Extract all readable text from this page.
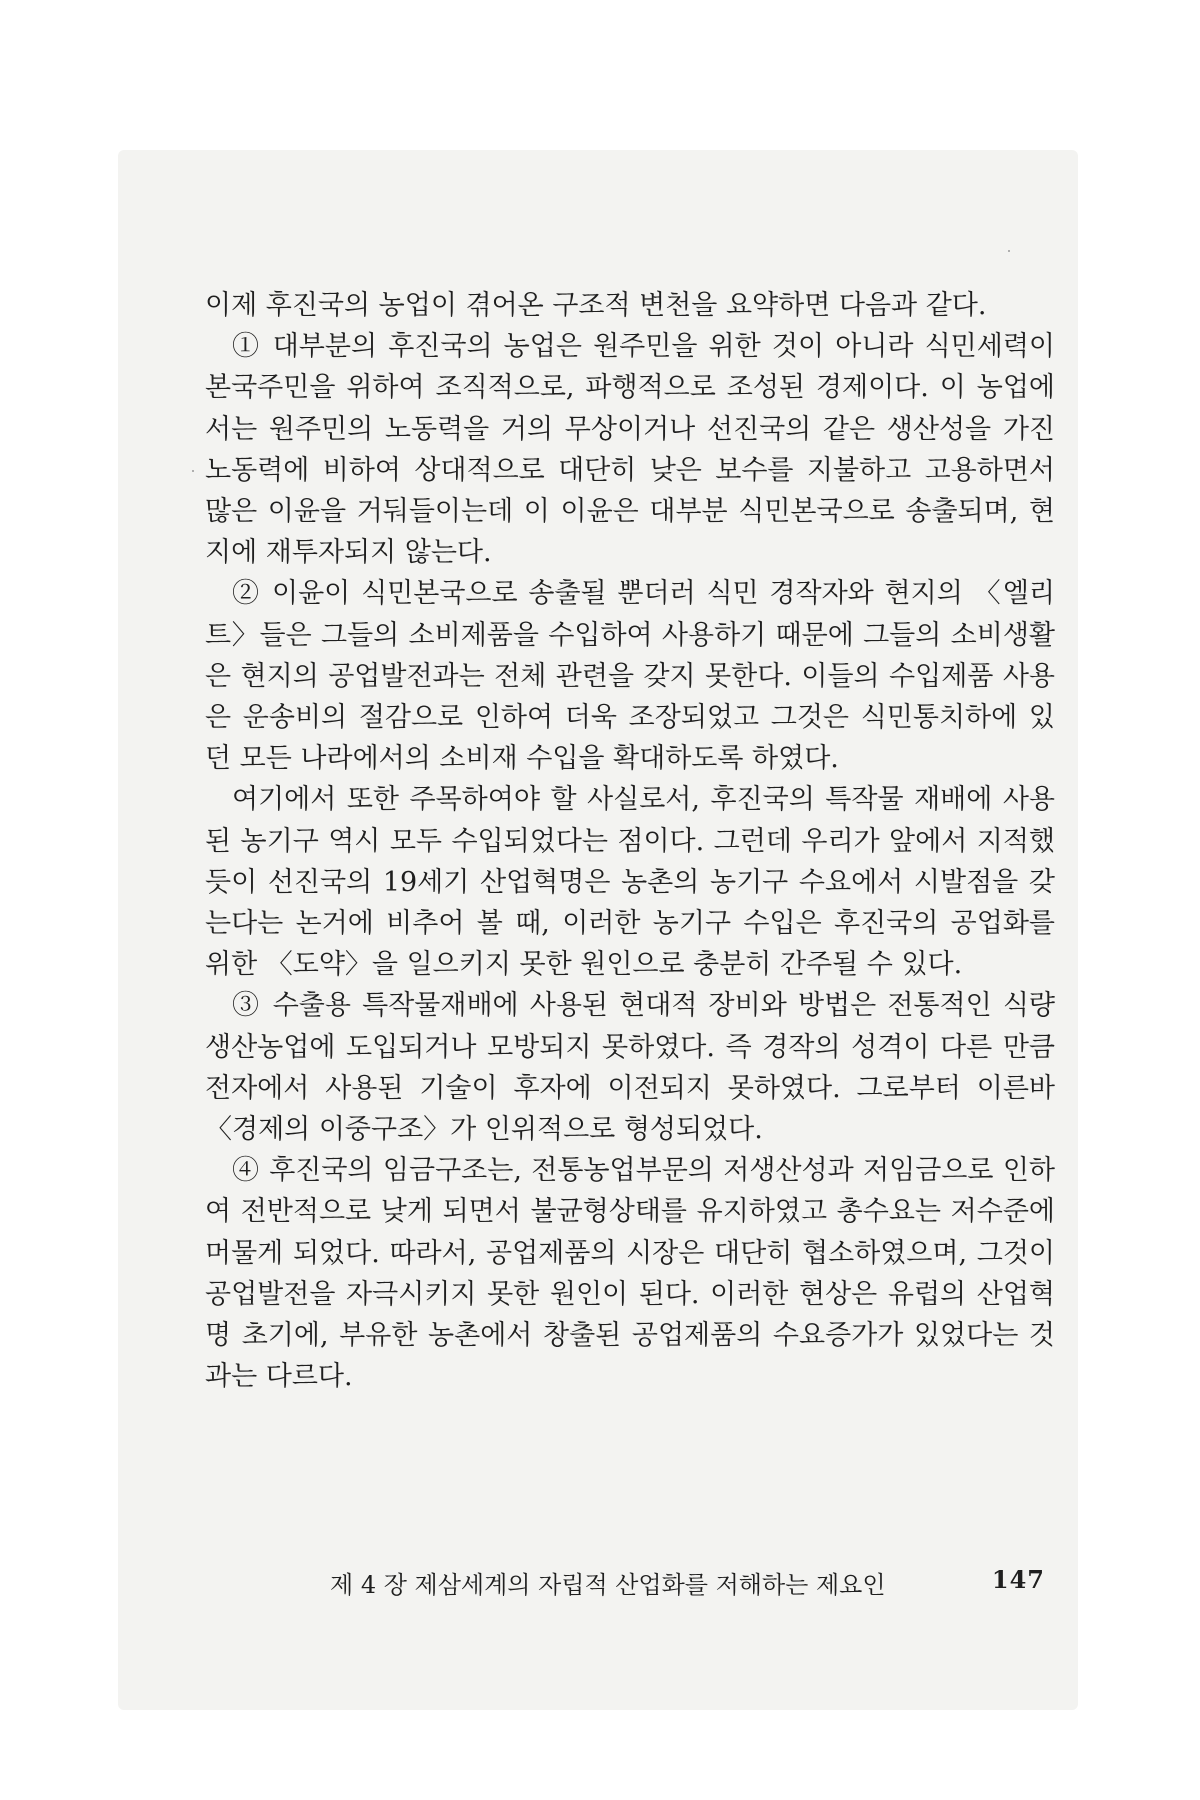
이제 후진국의 농업이 겪어온 구조적 변천을 요약하면 다음과 같다.

① 대부분의 후진국의 농업은 원주민을 위한 것이 아니라 식민세력이 본국주민을 위하여 조직적으로, 파행적으로 조성된 경제이다. 이 농업에서는 원주민의 노동력을 거의 무상이거나 선진국의 같은 생산성을 가진 노동력에 비하여 상대적으로 대단히 낮은 보수를 지불하고 고용하면서 많은 이윤을 거둬들이는데 이 이윤은 대부분 식민본국으로 송출되며, 현지에 재투자되지 않는다.

② 이윤이 식민본국으로 송출될 뿐더러 식민 경작자와 현지의 〈엘리트〉들은 그들의 소비제품을 수입하여 사용하기 때문에 그들의 소비생활은 현지의 공업발전과는 전체 관련을 갖지 못한다. 이들의 수입제품 사용은 운송비의 절감으로 인하여 더욱 조장되었고 그것은 식민통치하에 있던 모든 나라에서의 소비재 수입을 확대하도록 하였다.

여기에서 또한 주목하여야 할 사실로서, 후진국의 특작물 재배에 사용된 농기구 역시 모두 수입되었다는 점이다. 그런데 우리가 앞에서 지적했듯이 선진국의 19세기 산업혁명은 농촌의 농기구 수요에서 시발점을 갖는다는 논거에 비추어 볼 때, 이러한 농기구 수입은 후진국의 공업화를 위한 〈도약〉을 일으키지 못한 원인으로 충분히 간주될 수 있다.

③ 수출용 특작물재배에 사용된 현대적 장비와 방법은 전통적인 식량생산농업에 도입되거나 모방되지 못하였다. 즉 경작의 성격이 다른 만큼 전자에서 사용된 기술이 후자에 이전되지 못하였다. 그로부터 이른바 〈경제의 이중구조〉가 인위적으로 형성되었다.

④ 후진국의 임금구조는, 전통농업부문의 저생산성과 저임금으로 인하여 전반적으로 낮게 되면서 불균형상태를 유지하였고 총수요는 저수준에 머물게 되었다. 따라서, 공업제품의 시장은 대단히 협소하였으며, 그것이 공업발전을 자극시키지 못한 원인이 된다. 이러한 현상은 유럽의 산업혁명 초기에, 부유한 농촌에서 창출된 공업제품의 수요증가가 있었다는 것과는 다르다.

제 4 장 제삼세계의 자립적 산업화를 저해하는 제요인	147
